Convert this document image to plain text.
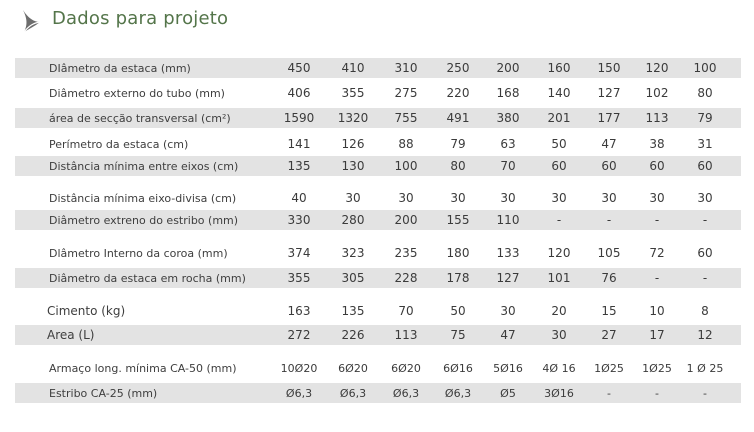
Dados para projeto
DIâmetro da estaca (mm)	450	410	310	250	200	160	150	120	100
Diâmetro externo do tubo (mm)	406	355	275	220	168	140	127	102	80
área de secção transversal (cm²)	1590	1320	755	491	380	201	177	113	79
Perímetro da estaca (cm)	141	126	88	79	63	50	47	38	31
Distância mínima entre eixos (cm)	135	130	100	80	70	60	60	60	60
Distância mínima eixo-divisa (cm)	40	30	30	30	30	30	30	30	30
Diâmetro extreno do estribo (mm)	330	280	200	155	110	-	-	-	-
Dlâmetro Interno da coroa (mm)	374	323	235	180	133	120	105	72	60
Diâmetro da estaca em rocha (mm)	355	305	228	178	127	101	76	-	-
Cimento (kg)	163	135	70	50	30	20	15	10	8
Area (L)	272	226	113	75	47	30	27	17	12
Armaço long. mínima CA-50 (mm)	10Ø20	6Ø20	6Ø20	6Ø16	5Ø16	4Ø 16	1Ø25	1Ø25	1 Ø 25
Estribo CA-25 (mm)	Ø6,3	Ø6,3	Ø6,3	Ø6,3	Ø5	3Ø16	-	-	-
